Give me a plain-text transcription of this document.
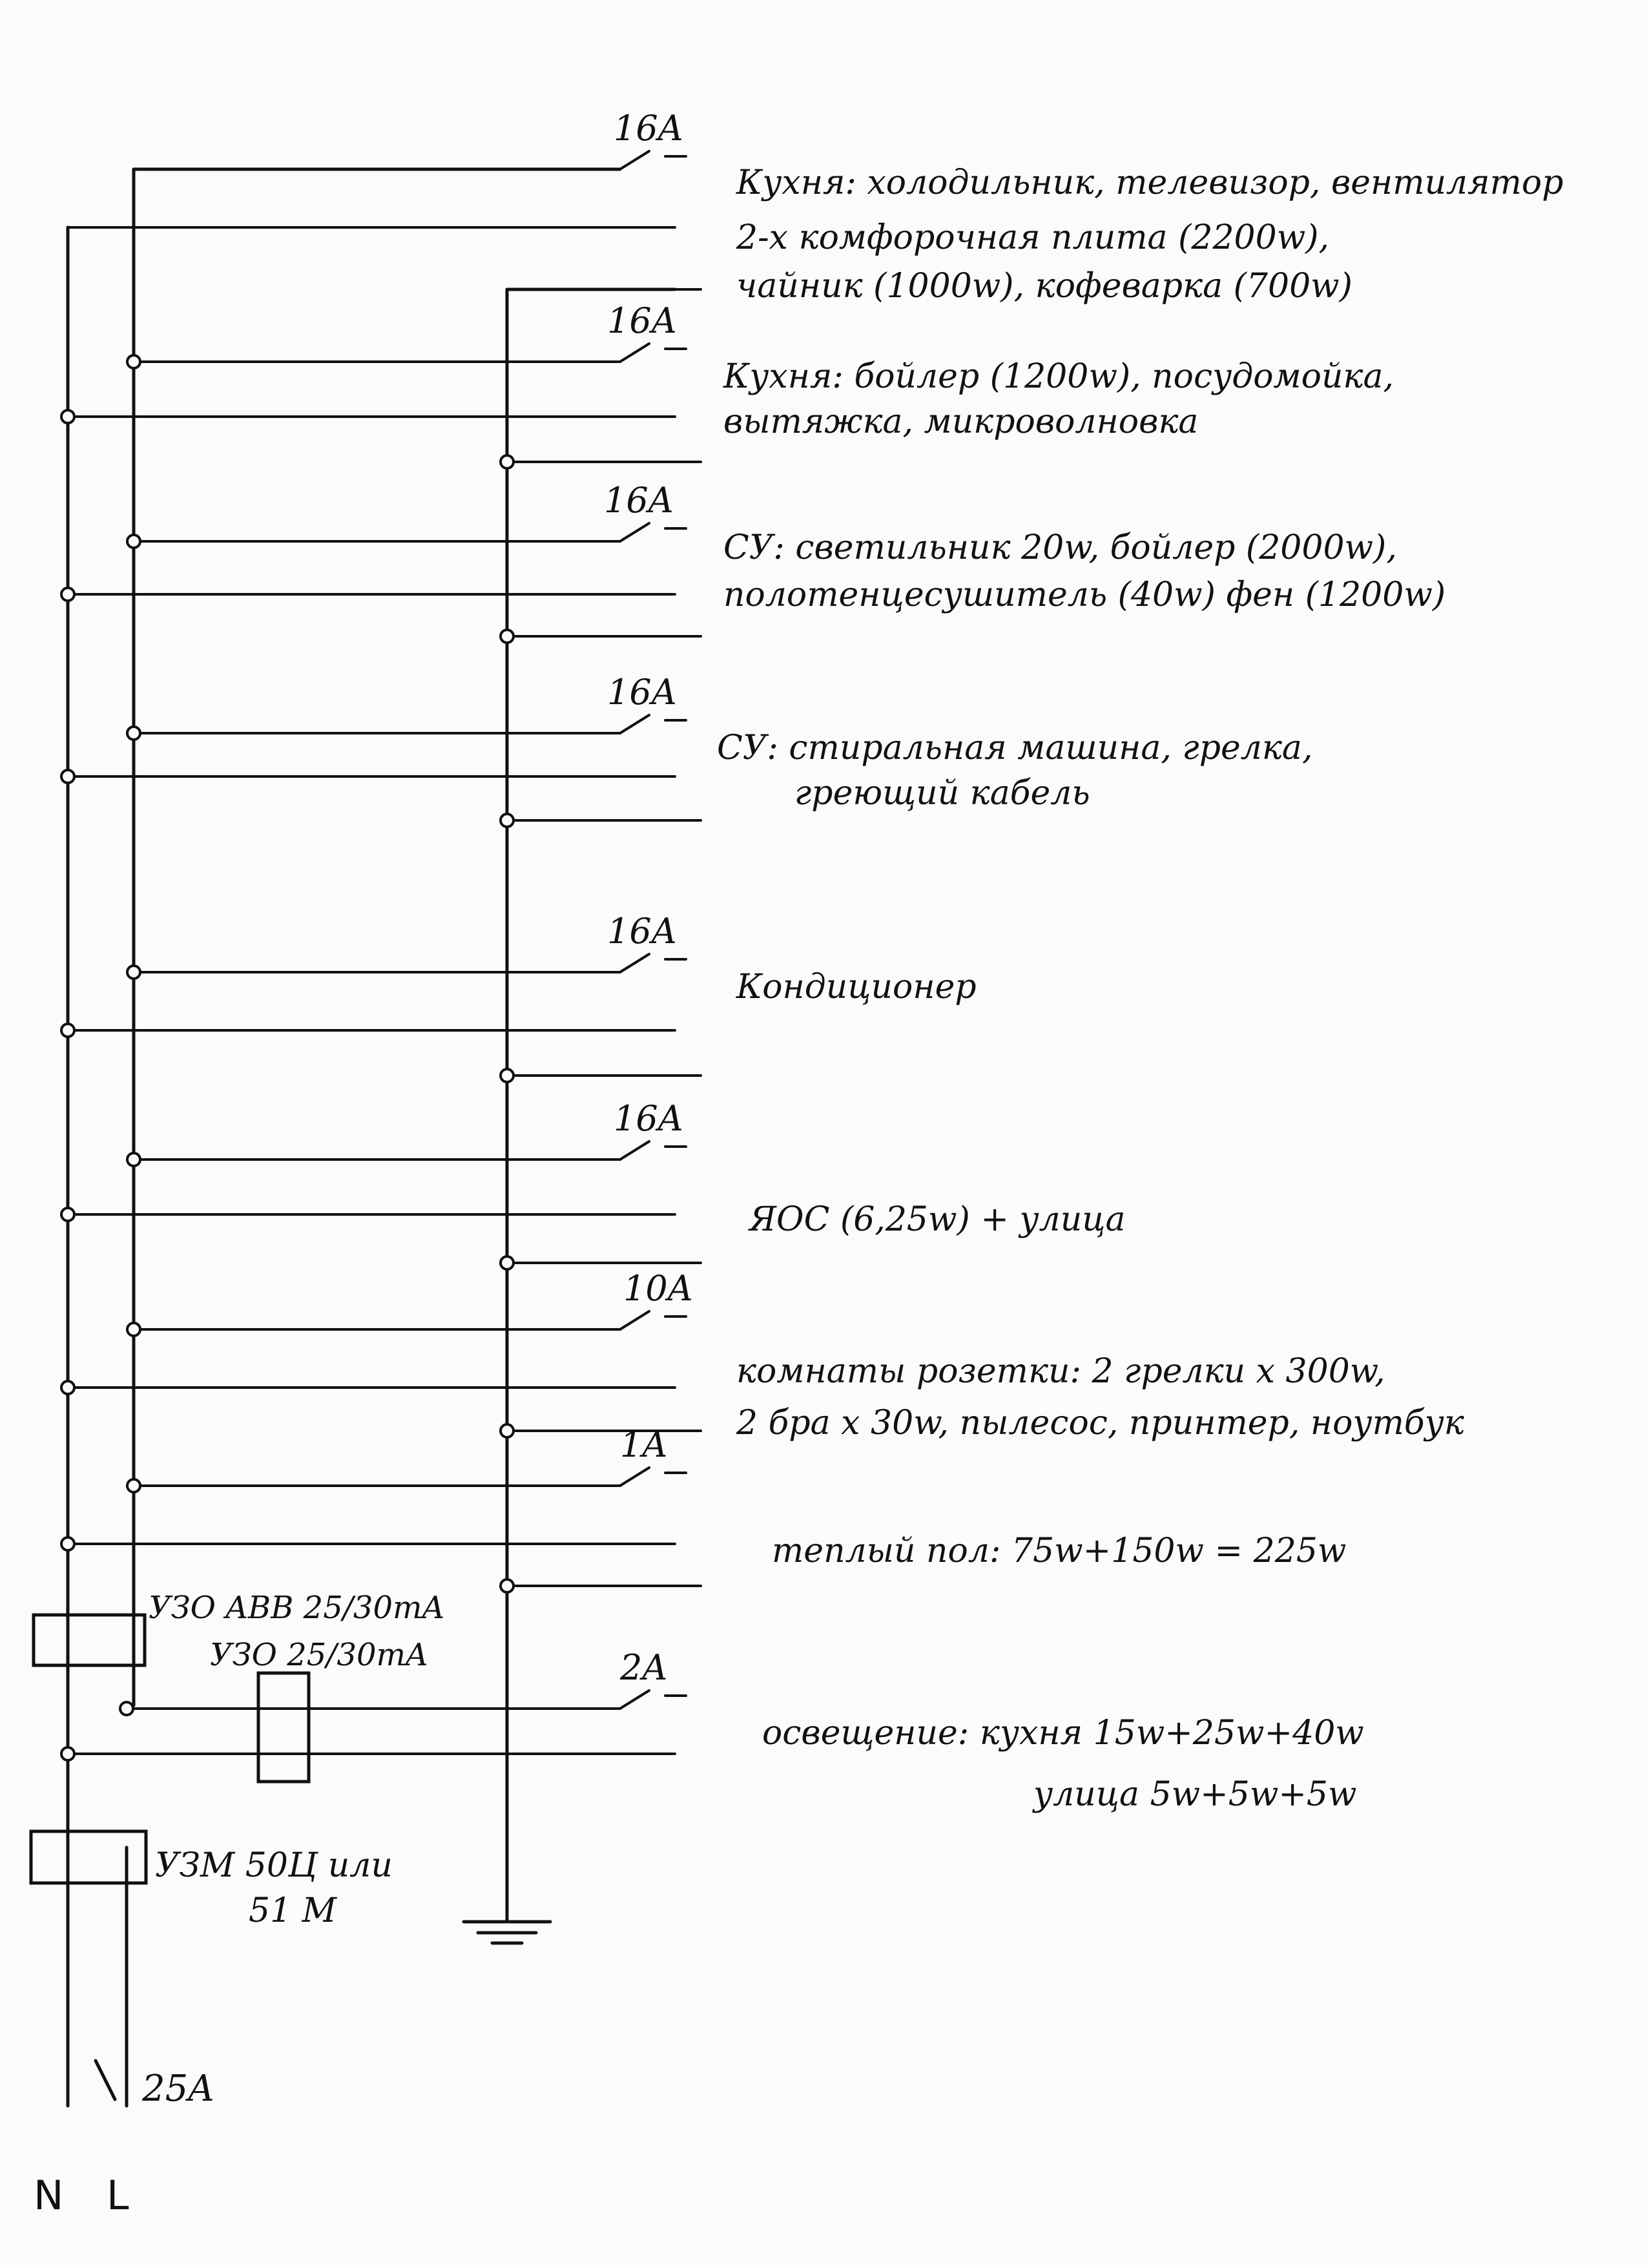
16A
Кухня: холодильник, телевизор, вентилятор
2-х комфорочная плита (2200w),
чайник (1000w), кофеварка (700w)
16A
Кухня: бойлер (1200w), посудомойка,
вытяжка, микроволновка
16A
СУ: светильник 20w, бойлер (2000w),
полотенцесушитель (40w) фен (1200w)
16A
СУ: стиральная машина, грелка,
греющий кабель
16A
Кондиционер
16A
ЯОС (6,25w) + улица
10A
комнаты розетки: 2 грелки x 300w,
2 бра x 30w, пылесос, принтер, ноутбук
1A
теплый пол: 75w+150w = 225w
2A
освещение: кухня 15w+25w+40w
улица 5w+5w+5w
УЗО ABB 25/30mA
УЗО 25/30mA
УЗМ 50Ц или
51 М
25A
N L
